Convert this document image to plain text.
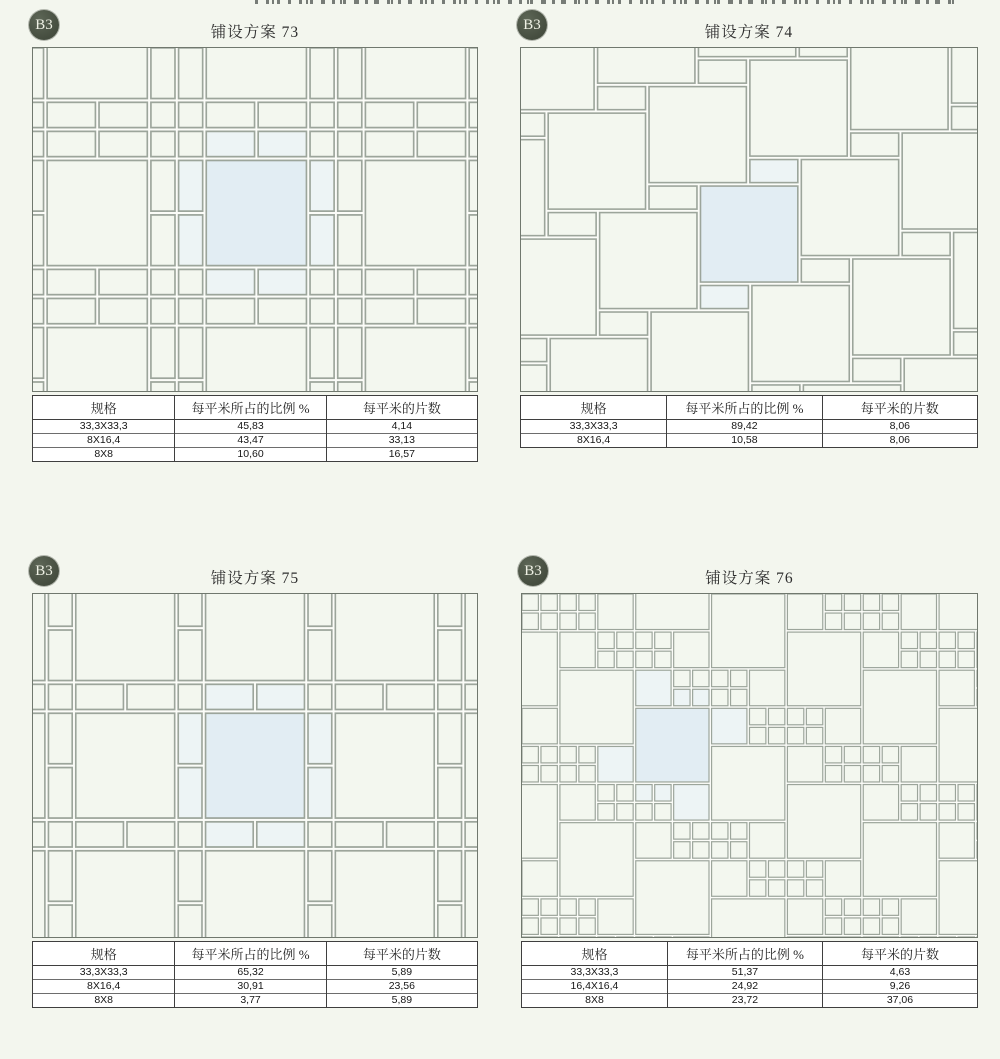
B3	铺设方案 73
规格	每平米所占的比例 %	每平米的片数
33,3X33,3	45,83	4,14
8X16,4	43,47	33,13
8X8	10,60	16,57
B3	铺设方案 74
规格	每平米所占的比例 %	每平米的片数
33,3X33,3	89,42	8,06
8X16,4	10,58	8,06
B3	铺设方案 75
规格	每平米所占的比例 %	每平米的片数
33,3X33,3	65,32	5,89
8X16,4	30,91	23,56
8X8	3,77	5,89
B3	铺设方案 76
规格	每平米所占的比例 %	每平米的片数
33,3X33,3	51,37	4,63
16,4X16,4	24,92	9,26
8X8	23,72	37,06
